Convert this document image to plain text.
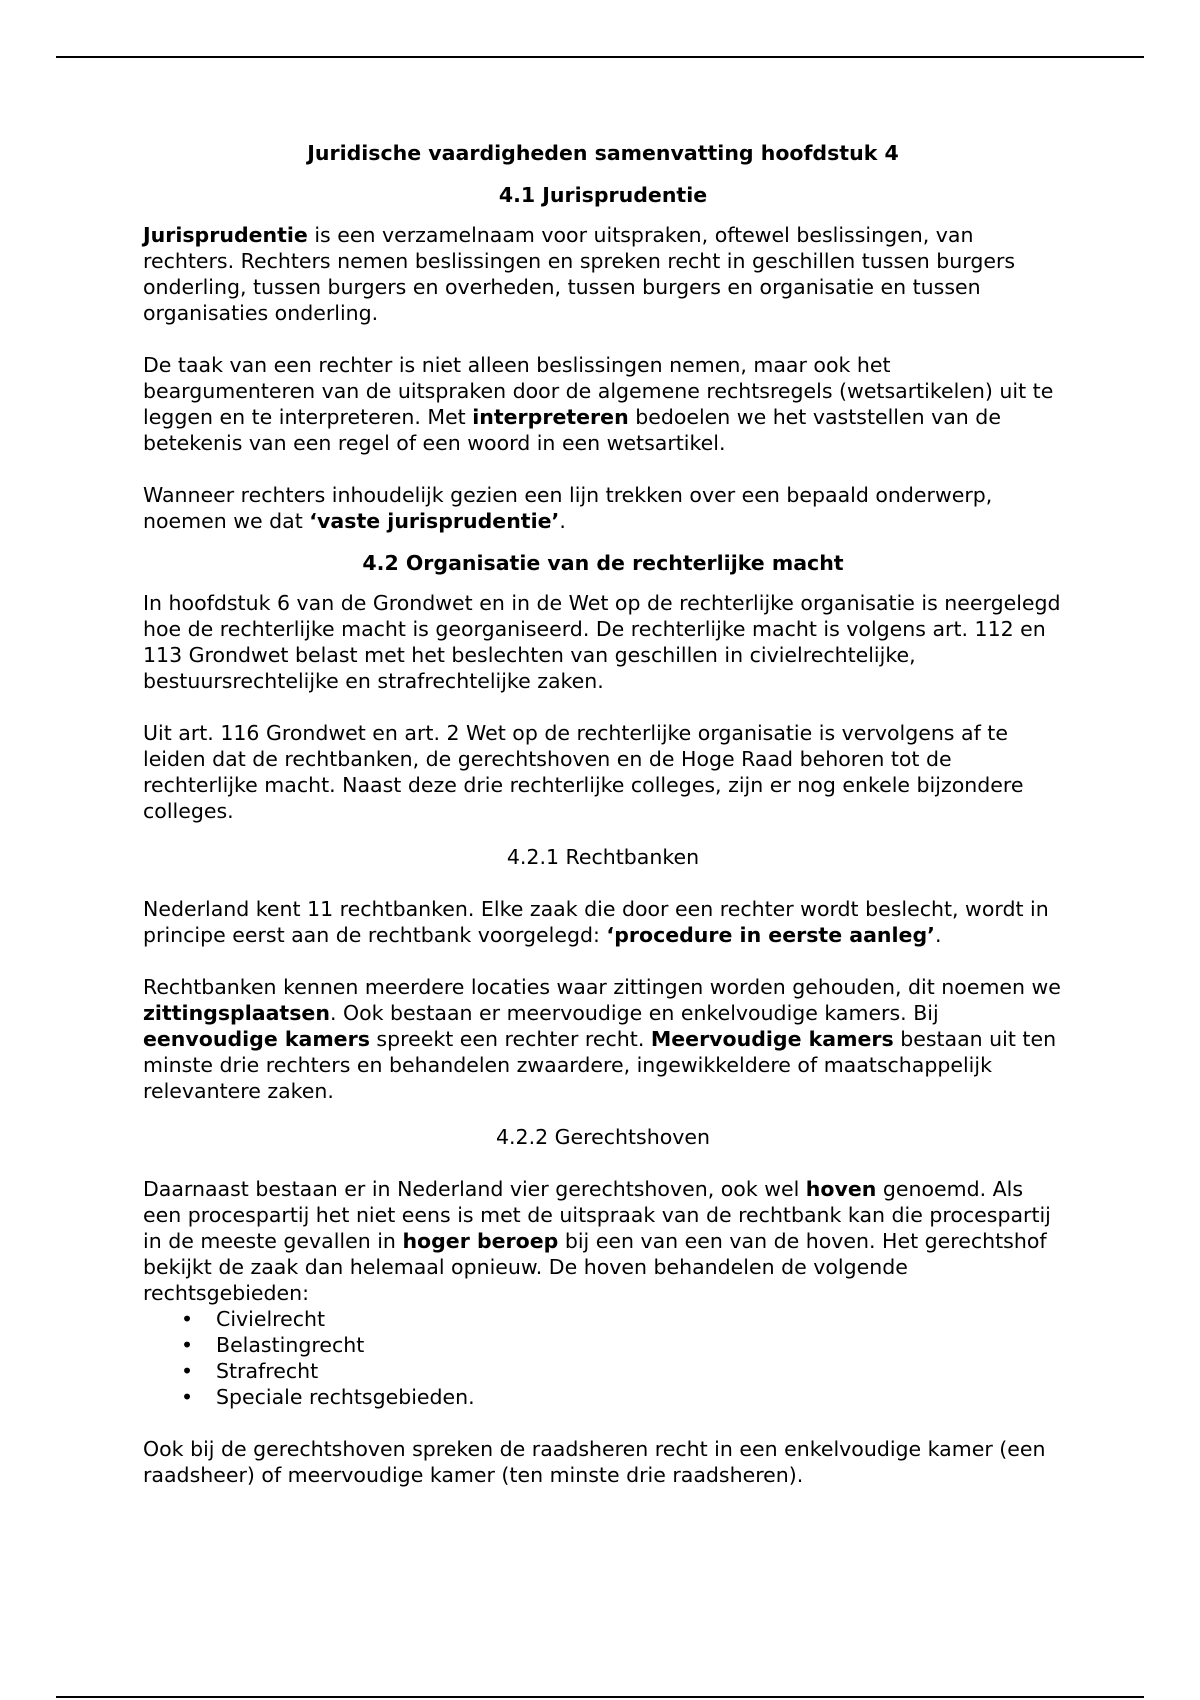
Juridische vaardigheden samenvatting hoofdstuk 4
4.1 Jurisprudentie

Jurisprudentie is een verzamelnaam voor uitspraken, oftewel beslissingen, van rechters. Rechters nemen beslissingen en spreken recht in geschillen tussen burgers onderling, tussen burgers en overheden, tussen burgers en organisatie en tussen organisaties onderling.

De taak van een rechter is niet alleen beslissingen nemen, maar ook het beargumenteren van de uitspraken door de algemene rechtsregels (wetsartikelen) uit te leggen en te interpreteren. Met interpreteren bedoelen we het vaststellen van de betekenis van een regel of een woord in een wetsartikel.

Wanneer rechters inhoudelijk gezien een lijn trekken over een bepaald onderwerp, noemen we dat ‘vaste jurisprudentie’.

4.2 Organisatie van de rechterlijke macht

In hoofdstuk 6 van de Grondwet en in de Wet op de rechterlijke organisatie is neergelegd hoe de rechterlijke macht is georganiseerd. De rechterlijke macht is volgens art. 112 en 113 Grondwet belast met het beslechten van geschillen in civielrechtelijke, bestuursrechtelijke en strafrechtelijke zaken.

Uit art. 116 Grondwet en art. 2 Wet op de rechterlijke organisatie is vervolgens af te leiden dat de rechtbanken, de gerechtshoven en de Hoge Raad behoren tot de rechterlijke macht. Naast deze drie rechterlijke colleges, zijn er nog enkele bijzondere colleges.

4.2.1 Rechtbanken

Nederland kent 11 rechtbanken. Elke zaak die door een rechter wordt beslecht, wordt in principe eerst aan de rechtbank voorgelegd: ‘procedure in eerste aanleg’.

Rechtbanken kennen meerdere locaties waar zittingen worden gehouden, dit noemen we zittingsplaatsen. Ook bestaan er meervoudige en enkelvoudige kamers. Bij eenvoudige kamers spreekt een rechter recht. Meervoudige kamers bestaan uit ten minste drie rechters en behandelen zwaardere, ingewikkeldere of maatschappelijk relevantere zaken.

4.2.2 Gerechtshoven

Daarnaast bestaan er in Nederland vier gerechtshoven, ook wel hoven genoemd. Als een procespartij het niet eens is met de uitspraak van de rechtbank kan die procespartij in de meeste gevallen in hoger beroep bij een van een van de hoven. Het gerechtshof bekijkt de zaak dan helemaal opnieuw. De hoven behandelen de volgende rechtsgebieden:

• Civielrecht
• Belastingrecht
• Strafrecht
• Speciale rechtsgebieden.

Ook bij de gerechtshoven spreken de raadsheren recht in een enkelvoudige kamer (een raadsheer) of meervoudige kamer (ten minste drie raadsheren).
